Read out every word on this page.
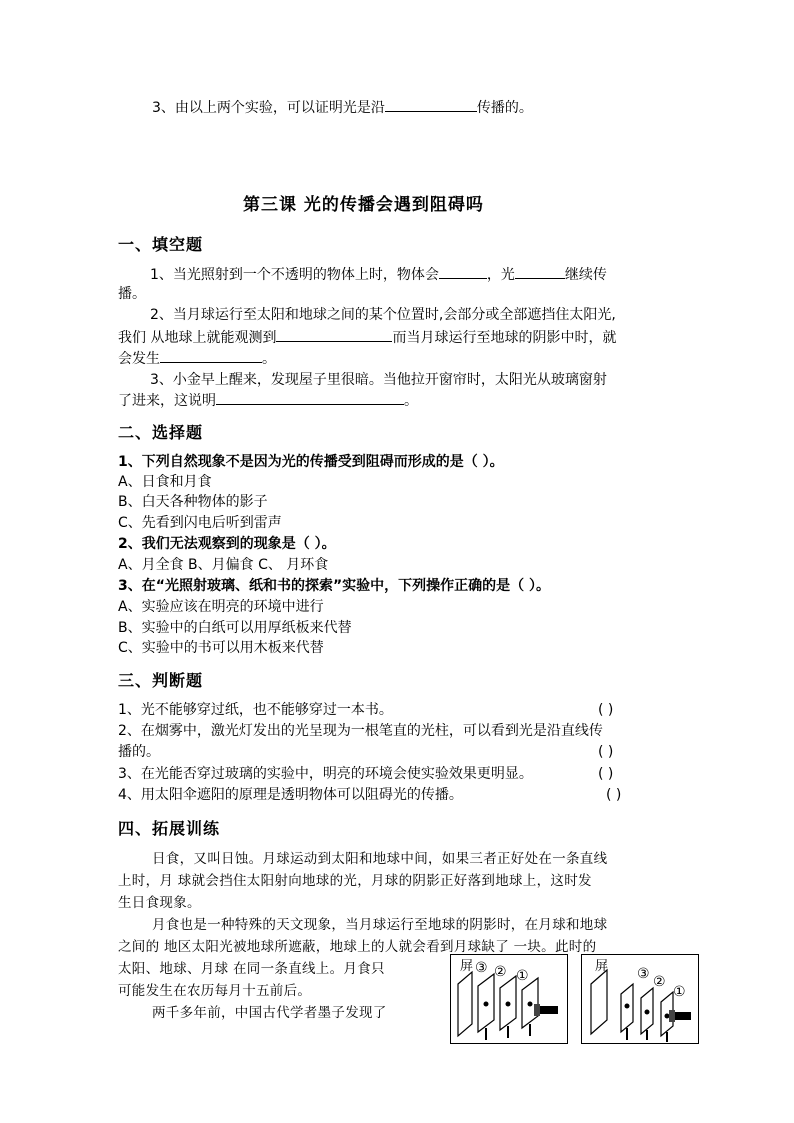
3、由以上两个实验，可以证明光是沿	传播的。
第三课 光的传播会遇到阻碍吗
一、填空题
1、当光照射到一个不透明的物体上时，物体会	，光	继续传
播。
2、当月球运行至太阳和地球之间的某个位置时,会部分或全部遮挡住太阳光,
我们 从地球上就能观测到	而当月球运行至地球的阴影中时，就
会发生	。
3、小金早上醒来，发现屋子里很暗。当他拉开窗帘时，太阳光从玻璃窗射
了进来，这说明	。
二、选择题
1、下列自然现象不是因为光的传播受到阻碍而形成的是（ ）。
A、日食和月食
B、白天各种物体的影子
C、先看到闪电后听到雷声
2、我们无法观察到的现象是（ ）。
A、月全食 B、月偏食 C、 月环食
3、在“光照射玻璃、纸和书的探索”实验中，下列操作正确的是（ ）。
A、实验应该在明亮的环境中进行
B、实验中的白纸可以用厚纸板来代替
C、实验中的书可以用木板来代替
三、判断题
1、光不能够穿过纸，也不能够穿过一本书。	( )
2、在烟雾中，激光灯发出的光呈现为一根笔直的光柱，可以看到光是沿直线传
播的。	( )
3、在光能否穿过玻璃的实验中，明亮的环境会使实验效果更明显。	( )
4、用太阳伞遮阳的原理是透明物体可以阻碍光的传播。	( )
四、拓展训练
日食，又叫日蚀。月球运动到太阳和地球中间，如果三者正好处在一条直线
上时，月 球就会挡住太阳射向地球的光，月球的阴影正好落到地球上，这时发
生日食现象。
月食也是一种特殊的天文现象，当月球运行至地球的阴影时，在月球和地球
之间的 地区太阳光被地球所遮蔽，地球上的人就会看到月球缺了 一块。此时的
太阳、地球、月球 在同一条直线上。月食只
可能发生在农历每月十五前后。
两千多年前，中国古代学者墨子发现了
屏 ③ ② ①
屏 ③ ②
①
